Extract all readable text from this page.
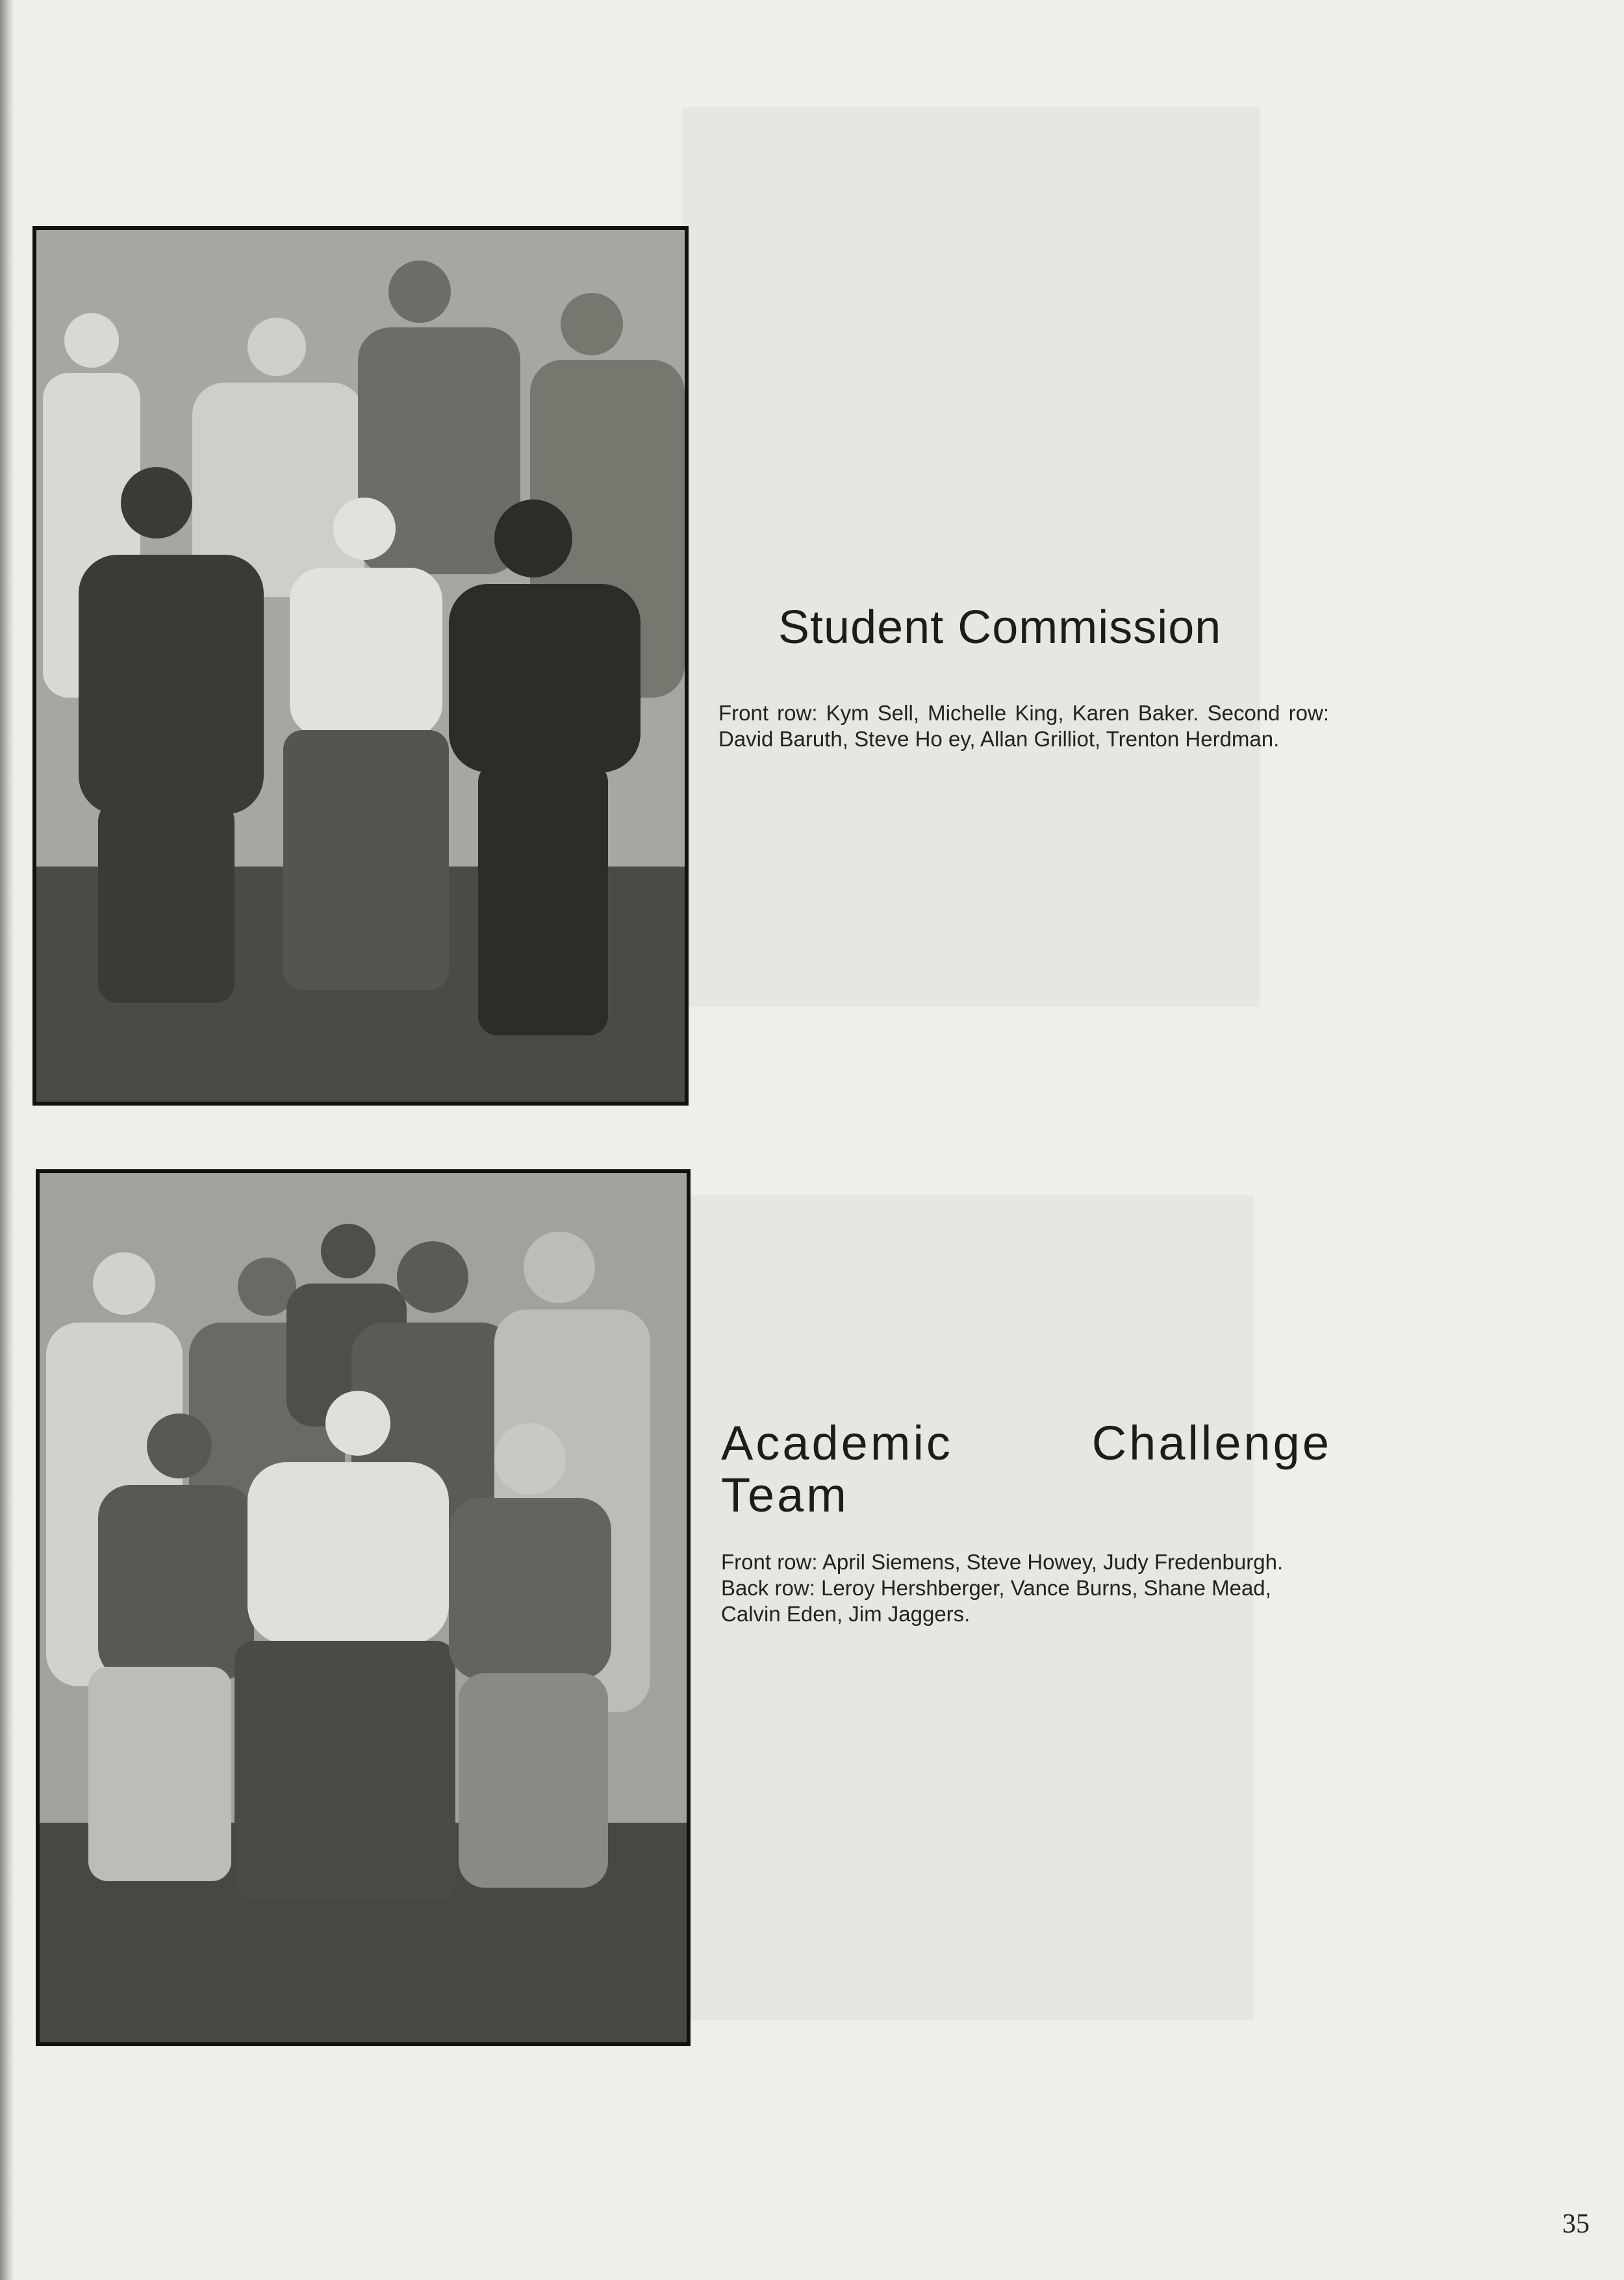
Student Commission

Front row: Kym Sell, Michelle King, Karen Baker. Second row: David Baruth, Steve Ho ey, Allan Grilliot, Trenton Herdman.

Academic	Challenge
Team

Front row: April Siemens, Steve Howey, Judy Fredenburgh. Back row: Leroy Hershberger, Vance Burns, Shane Mead, Calvin Eden, Jim Jaggers.

35
